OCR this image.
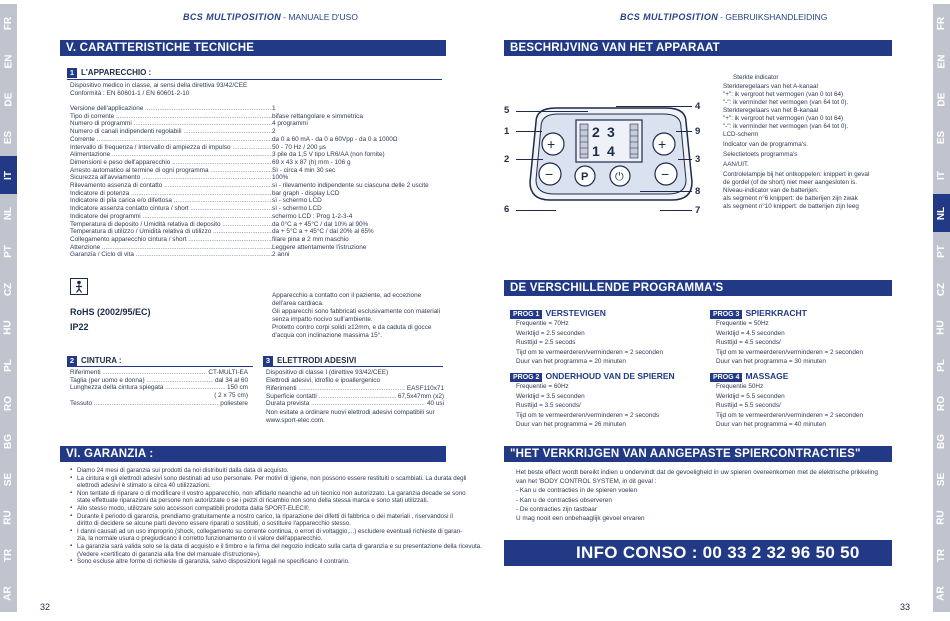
BCS MULTIPOSITION - MANUALE D'USO	BCS MULTIPOSITION - GEBRUIKSHANDLEIDING
FR
EN
DE
ES
IT
NL
PT
CZ
HU
PL
RO
BG
SE
RU
TR
AR
FR
EN
DE
ES
IT
NL
PT
CZ
HU
PL
RO
BG
SE
RU
TR
AR
V. CARATTERISTICHE TECNICHE
1 L'APPARECCHIO :
Dispositivo medico in classe, ai sensi della direttiva 93/42/CEE
Conformità : EN 60601-1 / EN 60601-2-10
Versione dell'applicazione .....	1
Tipo di corrente .....	bifase rettangolare e simmetrica
Numero di programmi .....	4 programmi
Numero di canali indipendenti regolabili .....	2
Corrente .....	da 0 a 60 mA - da 0 a 60Vpp - da 0 a 1000Ω
Intervallo di frequenza / Intervallo di ampiezza di impulso .....	50 - 70 Hz / 200 µs
Alimentazione .....	3 pile da 1,5 V tipo LR6/AA (non fornite)
Dimensioni e peso dell'apparecchio .....	69 x 43 x 87 (h) mm - 106 g
Arresto automatico al termine di ogni programma .....	Sì - circa 4 min 30 sec
Sicurezza all'avviamento .....	100%
Rilevamento assenza di contatto .....	sì - rilevamento indipendente su ciascuna delle 2 uscite
Indicatore di potenza .....	bar graph - display LCD
Indicatore di pila carica e/o difettosa .....	sì - schermo LCD
Indicatore assenza contatto cintura / short .....	sì - schermo LCD
Indicatore dei programmi .....	schermo LCD : Prog 1-2-3-4
Temperatura di deposito / Umidità relativa di deposito .....	da 0°C a + 45°C / dal 10% al 90%
Temperatura di utilizzo / Umidità relativa di utilizzo .....	da + 5°C a + 45°C / dal 20% al 65%
Collegamento apparecchio cintura / short .....	filare pina ø 2 mm maschio
Attenzione .....	Leggere attentamente l'istruzione
Garanzia / Ciclo di vita .....	2 anni
Apparecchio a contatto con il paziente, ad eccezione
dell'area cardiaca.
RoHS (2002/95/EC)	Gli apparecchi sono fabbricati esclusivamente con materiali
senza impatto nocivo sull'ambiente.
IP22	Protetto contro corpi solidi ≥12mm, e da caduta di gocce
d'acqua con inclinazione massima 15°.
2 CINTURA :
Riferimenti .....	CT-MULTI-EA
Taglia (per uomo e donna) .....	dal 34 al 60
Lunghezza della cintura spiegata .....	150 cm
( 2 x 75 cm)
Tessuto .....	poliestere
3 ELETTRODI ADESIVI
Dispositivo di classe I (direttive 93/42/CEE)
Elettrodi adesivi, idrofilo e ipoallergenico
Riferimenti .....	EASF110x71
Superficie contatti .....	67,5x47mm (x2)
Durata prevista .....	40 usi
Non esitate a ordinare nuovi elettrodi adesivi compatibili sur
www.sport-elec.com.
VI. GARANZIA :
▪ Diamo 24 mesi di garanzia sui prodotti da noi distribuiti dalla data di acquisto.
▪ La cintura e gli elettrodi adesivi sono destinati ad uso personale. Per motivi di igiene, non possono essere restituiti o scambiati. La durata degli
elettrodi adesivi è stimato a circa 40 utilizzazioni.
▪ Non tentate di riparare o di modificare il vostro apparecchio, non affidarlo neanche ad un tecnico non autorizzato. La garanzia decade se sono
state effettuate riparazioni da persone non autorizzate o se i pezzi di ricambio non sono della stessa marca e sono stati utilizzati.
▪ Allo stesso modo, utilizzare solo accessori compatibili prodotta dalla SPORT-ELEC®.
▪ Durante il periodo di garanzia, prendiamo gratuitamente a nostro carico, la riparazione dei difetti di fabbrica o dei materiali , riservandosi il
diritto di decidere se alcune parti devono essere riparati o sostituiti, o sostituire l'apparecchio stesso.
▪ I danni causati ad un uso improprio (shock, collegamento su corrente continua, o errori di voltaggio,...) escludere eventuali richieste di garan-
zia, la normale usura o pregiudicano il corretto funzionamento o il valore dell'apparecchio.
▪ La garanzia sarà valida solo se la data di acquisto e il timbro e la firma del negozio indicato sulla carta di garanzia e su presentazione della ricevuta.
(Vedere «certificato di garanzia alla fine del manuale d'istruzione»).
▪ Sono escluse altre forme di richieste di garanzia, salvo disposizioni legali ne specificano il contrario.
32
BESCHRIJVING VAN HET APPARAAT
2 3
1 4
+	+
−	P ⏻	−
5
1
2
6
4
9
3
8
7
Sterkte indicator
Sterkteregelaars van het A-kanaal
"+": ik vergroot het vermogen (van 0 tot 64)
"-": ik verminder het vermogen (van 64 tot 0).
Sterkteregelaars van het B-kanaal
"+": ik vergroot het vermogen (van 0 tot 64)
"-": ik verminder het vermogen (van 64 tot 0).
LCD-scherm
Indicator van de programma's.
Selectietoets programma's
AAN/UIT.
Controlelampje bij het ontkoppelen: knippert in geval
de gordel (of de short) niet meer aangesloten is.
Niveau-indicator van de batterijen:
als segment n°6 knippert: de batterijen zijn zwak
als segment n°10 knippert: de batterijen zijn leeg
DE VERSCHILLENDE PROGRAMMA'S
PROG 1 VERSTEVIGEN
Frequentie = 70Hz
Werktijd = 2.5 seconden
Rusttijd = 2.5 secods
Tijd om te vermeerderen/verminderen = 2 seconden
Duur van het programma = 20 minuten
PROG 3 SPIERKRACHT
Frequentie = 50Hz
Werktijd = 4.5 seconden
Rusttijd = 4.5 seconds/
Tijd om te vermeerderen/verminderen = 2 seconden
Duur van het programma = 30 minuten
PROG 2 ONDERHOUD VAN DE SPIEREN
Frequentie = 60Hz
Werktijd = 3.5 seconden
Rusttijd = 3.5 seconds/
Tijd om te vermeerderen/verminderen = 2 seconds
Duur van het programma = 26 minuten
PROG 4 MASSAGE
Frequentie 50Hz
Werktijd = 5.5 seconden
Rusttijd = 5.5 seconds/
Tijd om te vermeerderen/verminderen = 2 seconden
Duur van het programma = 40 minuten
"HET VERKRIJGEN VAN AANGEPASTE SPIERCONTRACTIES"
Het beste effect wordt bereikt indien u ondervindt dat de gevoeligheid in uw spieren overeenkomen met de elektrische prikkeling
van het 'BODY CONTROL SYSTEM, in dit geval :
- Kan u de contracties in de spieren voelen
- Kan u de contracties observeren
- De contracties zijn tastbaar
U mag nooit een onbehaaglijk gevoel ervaren
INFO CONSO : 00 33 2 32 96 50 50
33
